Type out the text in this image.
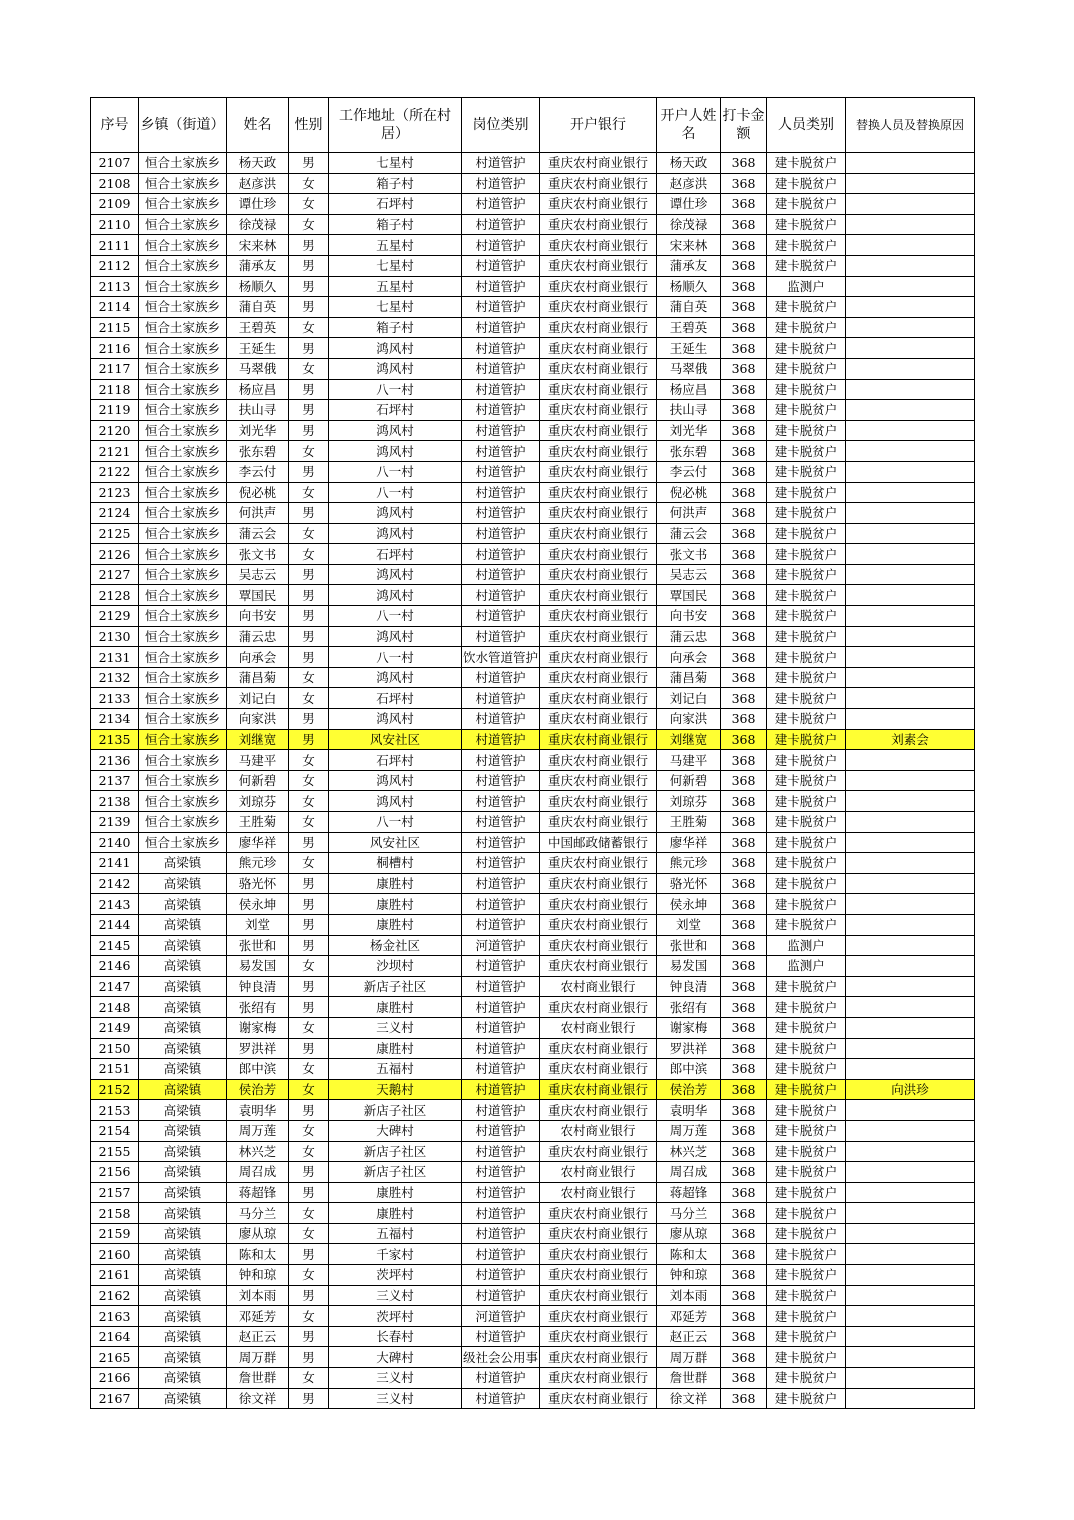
序号	乡镇（街道）	姓名	性别	工作地址（所在村居）	岗位类别	开户银行	开户人姓名	打卡金额	人员类别	替换人员及替换原因
2107	恒合土家族乡	杨天政	男	七星村	村道管护	重庆农村商业银行	杨天政	368	建卡脱贫户	
2108	恒合土家族乡	赵彦洪	女	箱子村	村道管护	重庆农村商业银行	赵彦洪	368	建卡脱贫户	
2109	恒合土家族乡	谭仕珍	女	石坪村	村道管护	重庆农村商业银行	谭仕珍	368	建卡脱贫户	
2110	恒合土家族乡	徐茂禄	女	箱子村	村道管护	重庆农村商业银行	徐茂禄	368	建卡脱贫户	
2111	恒合土家族乡	宋来林	男	五星村	村道管护	重庆农村商业银行	宋来林	368	建卡脱贫户	
2112	恒合土家族乡	蒲承友	男	七星村	村道管护	重庆农村商业银行	蒲承友	368	建卡脱贫户	
2113	恒合土家族乡	杨顺久	男	五星村	村道管护	重庆农村商业银行	杨顺久	368	监测户	
2114	恒合土家族乡	蒲自英	男	七星村	村道管护	重庆农村商业银行	蒲自英	368	建卡脱贫户	
2115	恒合土家族乡	王碧英	女	箱子村	村道管护	重庆农村商业银行	王碧英	368	建卡脱贫户	
2116	恒合土家族乡	王延生	男	鸿风村	村道管护	重庆农村商业银行	王延生	368	建卡脱贫户	
2117	恒合土家族乡	马翠俄	女	鸿风村	村道管护	重庆农村商业银行	马翠俄	368	建卡脱贫户	
2118	恒合土家族乡	杨应昌	男	八一村	村道管护	重庆农村商业银行	杨应昌	368	建卡脱贫户	
2119	恒合土家族乡	扶山寻	男	石坪村	村道管护	重庆农村商业银行	扶山寻	368	建卡脱贫户	
2120	恒合土家族乡	刘光华	男	鸿风村	村道管护	重庆农村商业银行	刘光华	368	建卡脱贫户	
2121	恒合土家族乡	张东碧	女	鸿风村	村道管护	重庆农村商业银行	张东碧	368	建卡脱贫户	
2122	恒合土家族乡	李云付	男	八一村	村道管护	重庆农村商业银行	李云付	368	建卡脱贫户	
2123	恒合土家族乡	倪必桃	女	八一村	村道管护	重庆农村商业银行	倪必桃	368	建卡脱贫户	
2124	恒合土家族乡	何洪声	男	鸿风村	村道管护	重庆农村商业银行	何洪声	368	建卡脱贫户	
2125	恒合土家族乡	蒲云会	女	鸿风村	村道管护	重庆农村商业银行	蒲云会	368	建卡脱贫户	
2126	恒合土家族乡	张文书	女	石坪村	村道管护	重庆农村商业银行	张文书	368	建卡脱贫户	
2127	恒合土家族乡	吴志云	男	鸿风村	村道管护	重庆农村商业银行	吴志云	368	建卡脱贫户	
2128	恒合土家族乡	覃国民	男	鸿风村	村道管护	重庆农村商业银行	覃国民	368	建卡脱贫户	
2129	恒合土家族乡	向书安	男	八一村	村道管护	重庆农村商业银行	向书安	368	建卡脱贫户	
2130	恒合土家族乡	蒲云忠	男	鸿风村	村道管护	重庆农村商业银行	蒲云忠	368	建卡脱贫户	
2131	恒合土家族乡	向承会	男	八一村	饮水管道管护	重庆农村商业银行	向承会	368	建卡脱贫户	
2132	恒合土家族乡	蒲昌菊	女	鸿风村	村道管护	重庆农村商业银行	蒲昌菊	368	建卡脱贫户	
2133	恒合土家族乡	刘记白	女	石坪村	村道管护	重庆农村商业银行	刘记白	368	建卡脱贫户	
2134	恒合土家族乡	向家洪	男	鸿风村	村道管护	重庆农村商业银行	向家洪	368	建卡脱贫户	
2135	恒合土家族乡	刘继宽	男	风安社区	村道管护	重庆农村商业银行	刘继宽	368	建卡脱贫户	刘素会
2136	恒合土家族乡	马建平	女	石坪村	村道管护	重庆农村商业银行	马建平	368	建卡脱贫户	
2137	恒合土家族乡	何新碧	女	鸿风村	村道管护	重庆农村商业银行	何新碧	368	建卡脱贫户	
2138	恒合土家族乡	刘琼芬	女	鸿风村	村道管护	重庆农村商业银行	刘琼芬	368	建卡脱贫户	
2139	恒合土家族乡	王胜菊	女	八一村	村道管护	重庆农村商业银行	王胜菊	368	建卡脱贫户	
2140	恒合土家族乡	廖华祥	男	风安社区	村道管护	中国邮政储蓄银行	廖华祥	368	建卡脱贫户	
2141	高梁镇	熊元珍	女	桐槽村	村道管护	重庆农村商业银行	熊元珍	368	建卡脱贫户	
2142	高梁镇	骆光怀	男	康胜村	村道管护	重庆农村商业银行	骆光怀	368	建卡脱贫户	
2143	高梁镇	侯永坤	男	康胜村	村道管护	重庆农村商业银行	侯永坤	368	建卡脱贫户	
2144	高梁镇	刘堂	男	康胜村	村道管护	重庆农村商业银行	刘堂	368	建卡脱贫户	
2145	高梁镇	张世和	男	杨金社区	河道管护	重庆农村商业银行	张世和	368	监测户	
2146	高梁镇	易发国	女	沙坝村	村道管护	重庆农村商业银行	易发国	368	监测户	
2147	高梁镇	钟良清	男	新店子社区	村道管护	农村商业银行	钟良清	368	建卡脱贫户	
2148	高梁镇	张绍有	男	康胜村	村道管护	重庆农村商业银行	张绍有	368	建卡脱贫户	
2149	高梁镇	谢家梅	女	三义村	村道管护	农村商业银行	谢家梅	368	建卡脱贫户	
2150	高梁镇	罗洪祥	男	康胜村	村道管护	重庆农村商业银行	罗洪祥	368	建卡脱贫户	
2151	高梁镇	郎中滨	女	五福村	村道管护	重庆农村商业银行	郎中滨	368	建卡脱贫户	
2152	高梁镇	侯治芳	女	天鹅村	村道管护	重庆农村商业银行	侯治芳	368	建卡脱贫户	向洪珍
2153	高梁镇	袁明华	男	新店子社区	村道管护	重庆农村商业银行	袁明华	368	建卡脱贫户	
2154	高梁镇	周万莲	女	大碑村	村道管护	农村商业银行	周万莲	368	建卡脱贫户	
2155	高梁镇	林兴芝	女	新店子社区	村道管护	重庆农村商业银行	林兴芝	368	建卡脱贫户	
2156	高梁镇	周召成	男	新店子社区	村道管护	农村商业银行	周召成	368	建卡脱贫户	
2157	高梁镇	蒋超锋	男	康胜村	村道管护	农村商业银行	蒋超锋	368	建卡脱贫户	
2158	高梁镇	马分兰	女	康胜村	村道管护	重庆农村商业银行	马分兰	368	建卡脱贫户	
2159	高梁镇	廖从琼	女	五福村	村道管护	重庆农村商业银行	廖从琼	368	建卡脱贫户	
2160	高梁镇	陈和太	男	千家村	村道管护	重庆农村商业银行	陈和太	368	建卡脱贫户	
2161	高梁镇	钟和琼	女	茨坪村	村道管护	重庆农村商业银行	钟和琼	368	建卡脱贫户	
2162	高梁镇	刘本雨	男	三义村	村道管护	重庆农村商业银行	刘本雨	368	建卡脱贫户	
2163	高梁镇	邓延芳	女	茨坪村	河道管护	重庆农村商业银行	邓延芳	368	建卡脱贫户	
2164	高梁镇	赵正云	男	长春村	村道管护	重庆农村商业银行	赵正云	368	建卡脱贫户	
2165	高梁镇	周万群	男	大碑村	级社会公用事	重庆农村商业银行	周万群	368	建卡脱贫户	
2166	高梁镇	詹世群	女	三义村	村道管护	重庆农村商业银行	詹世群	368	建卡脱贫户	
2167	高梁镇	徐文祥	男	三义村	村道管护	重庆农村商业银行	徐文祥	368	建卡脱贫户	
